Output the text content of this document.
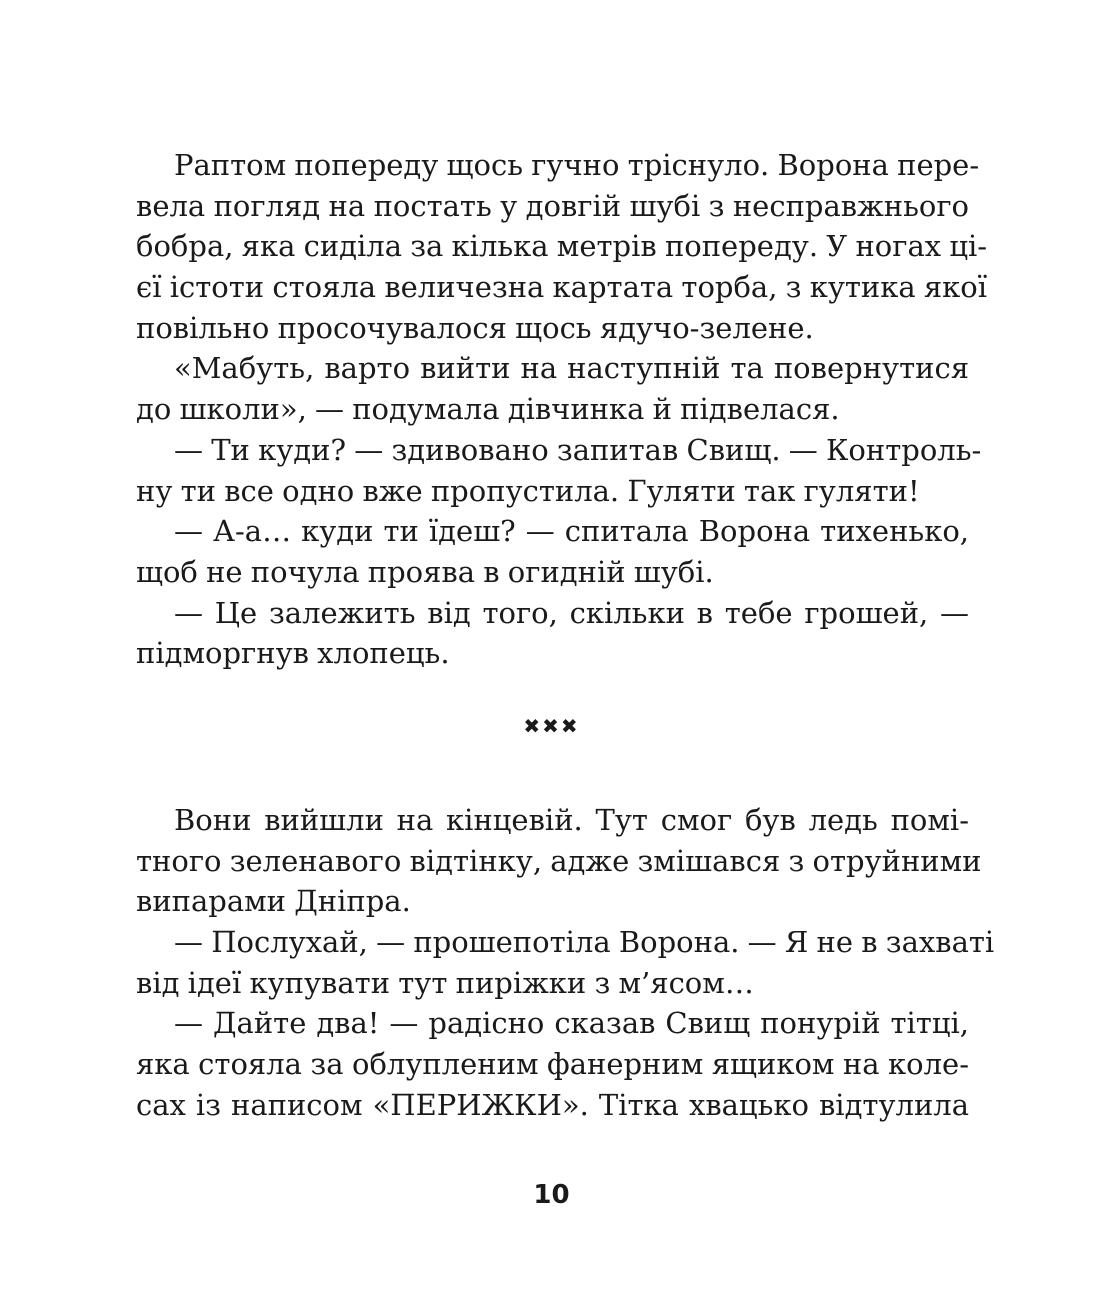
Раптом попереду щось гучно тріснуло. Ворона пере-
вела погляд на постать у довгій шубі з несправжнього
бобра, яка сиділа за кілька метрів попереду. У ногах ці-
єї істоти стояла величезна картата торба, з кутика якої
повільно просочувалося щось ядучо-зелене.
«Мабуть, варто вийти на наступній та повернутися
до школи», — подумала дівчинка й підвелася.
— Ти куди? — здивовано запитав Свищ. — Контроль-
ну ти все одно вже пропустила. Гуляти так гуляти!
— А-а… куди ти їдеш? — спитала Ворона тихенько,
щоб не почула проява в огидній шубі.
— Це залежить від того, скільки в тебе грошей, —
підморгнув хлопець.
✖✖✖
Вони вийшли на кінцевій. Тут смог був ледь помі-
тного зеленавого відтінку, адже змішався з отруйними
випарами Дніпра.
— Послухай, — прошепотіла Ворона. — Я не в захваті
від ідеї купувати тут пиріжки з м’ясом…
— Дайте два! — радісно сказав Свищ понурій тітці,
яка стояла за облупленим фанерним ящиком на коле-
сах із написом «ПЕРИЖКИ». Тітка хвацько відтулила
10
